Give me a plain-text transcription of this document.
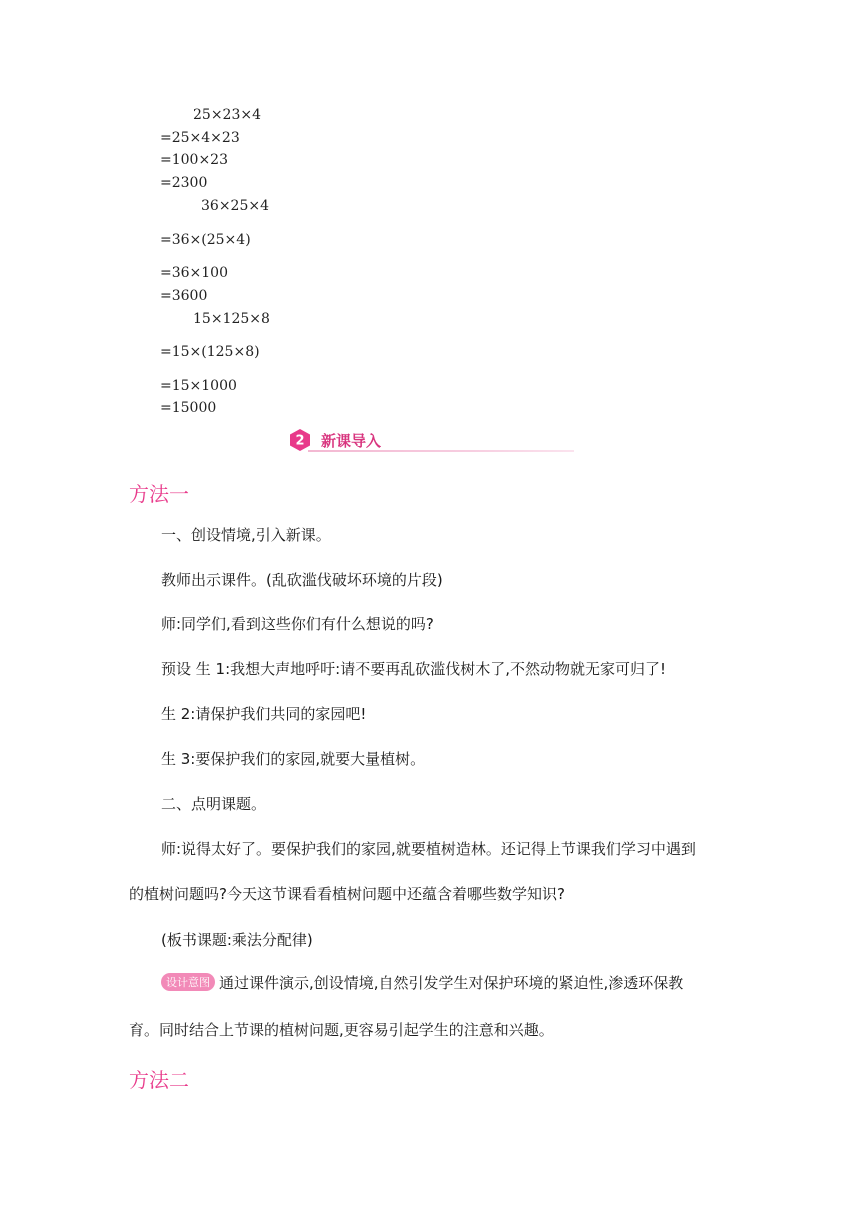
25×23×4
=25×4×23
=100×23
=2300
36×25×4
=36×(25×4)
=36×100
=3600
15×125×8
=15×(125×8)
=15×1000
=15000
2 新课导入
方法一
一、创设情境,引入新课。
教师出示课件。(乱砍滥伐破坏环境的片段)
师:同学们,看到这些你们有什么想说的吗?
预设 生 1:我想大声地呼吁:请不要再乱砍滥伐树木了,不然动物就无家可归了!
生 2:请保护我们共同的家园吧!
生 3:要保护我们的家园,就要大量植树。
二、点明课题。
师:说得太好了。要保护我们的家园,就要植树造林。还记得上节课我们学习中遇到
的植树问题吗?今天这节课看看植树问题中还蕴含着哪些数学知识?
(板书课题:乘法分配律)
设计意图 通过课件演示,创设情境,自然引发学生对保护环境的紧迫性,渗透环保教
育。同时结合上节课的植树问题,更容易引起学生的注意和兴趣。
方法二
